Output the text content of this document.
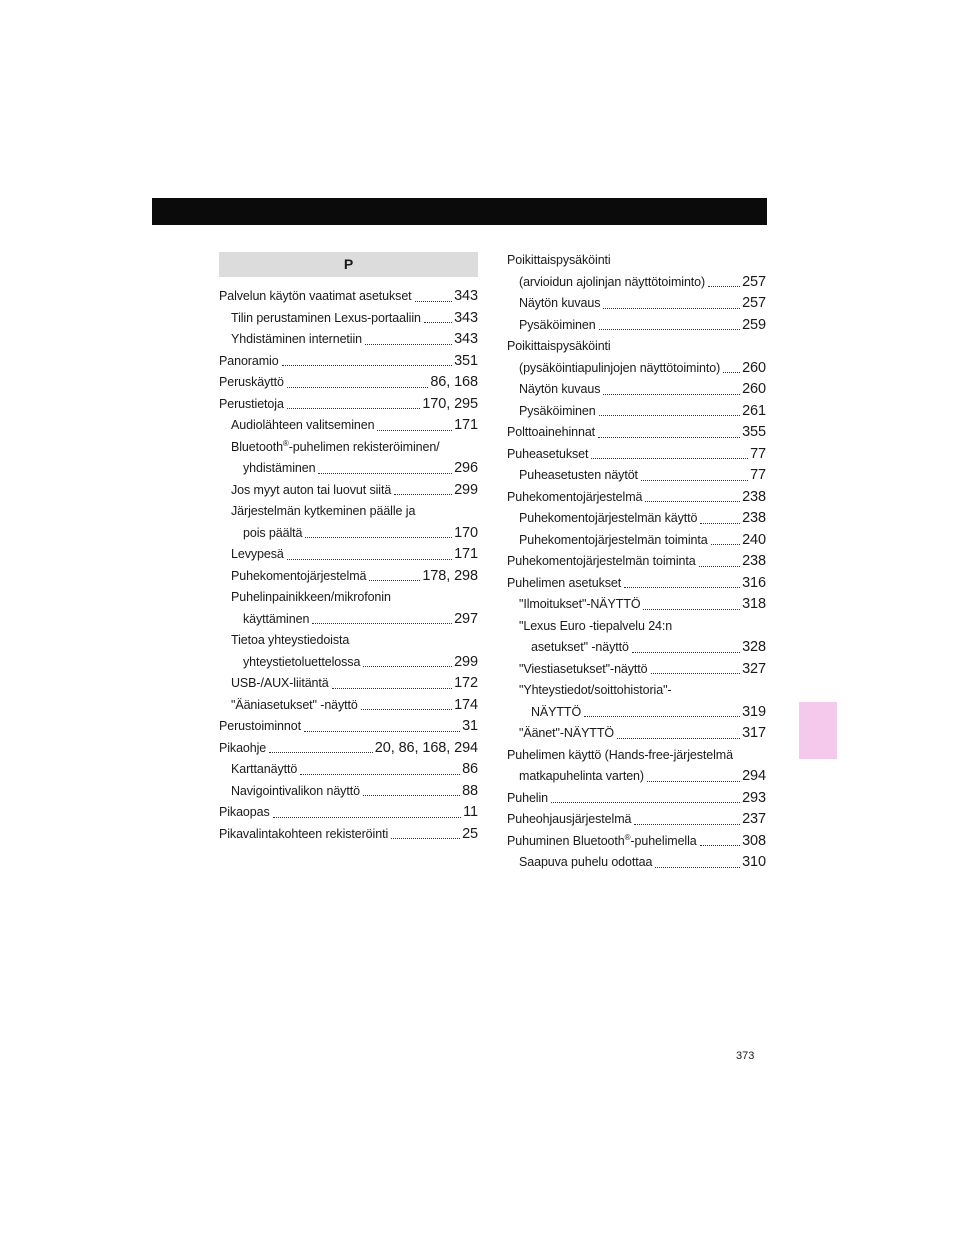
P
Palvelun käytön vaatimat asetukset	343
Tilin perustaminen Lexus-portaaliin 343
Yhdistäminen internetiin	343
Panoramio	351
Peruskäyttö	86, 168
Perustietoja	170, 295
Audiolähteen valitseminen	171
Bluetooth®-puhelimen rekisteröiminen/
yhdistäminen	296
Jos myyt auton tai luovut siitä	299
Järjestelmän kytkeminen päälle ja
pois päältä	170
Levypesä	171
Puhekomentojärjestelmä	178, 298
Puhelinpainikkeen/mikrofonin
käyttäminen	297
Tietoa yhteystiedoista
yhteystietoluettelossa	299
USB-/AUX-liitäntä	172
"Ääniasetukset" -näyttö	174
Perustoiminnot	31
Pikaohje	20, 86, 168, 294
Karttanäyttö	86
Navigointivalikon näyttö	88
Pikaopas	11
Pikavalintakohteen rekisteröinti	25
Poikittaispysäköinti
(arvioidun ajolinjan näyttötoiminto)	257
Näytön kuvaus	257
Pysäköiminen	259
Poikittaispysäköinti
(pysäköintiapulinjojen näyttötoiminto) 260
Näytön kuvaus	260
Pysäköiminen	261
Polttoainehinnat	355
Puheasetukset	77
Puheasetusten näytöt	77
Puhekomentojärjestelmä	238
Puhekomentojärjestelmän käyttö	238
Puhekomentojärjestelmän toiminta 240
Puhekomentojärjestelmän toiminta	238
Puhelimen asetukset	316
"Ilmoitukset"-NÄYTTÖ	318
"Lexus Euro -tiepalvelu 24:n
asetukset" -näyttö	328
"Viestiasetukset"-näyttö	327
"Yhteystiedot/soittohistoria"-
NÄYTTÖ	319
"Äänet"-NÄYTTÖ	317
Puhelimen käyttö (Hands-free-järjestelmä
matkapuhelinta varten)	294
Puhelin	293
Puheohjausjärjestelmä	237
Puhuminen Bluetooth®-puhelimella	308
Saapuva puhelu odottaa	310
373
